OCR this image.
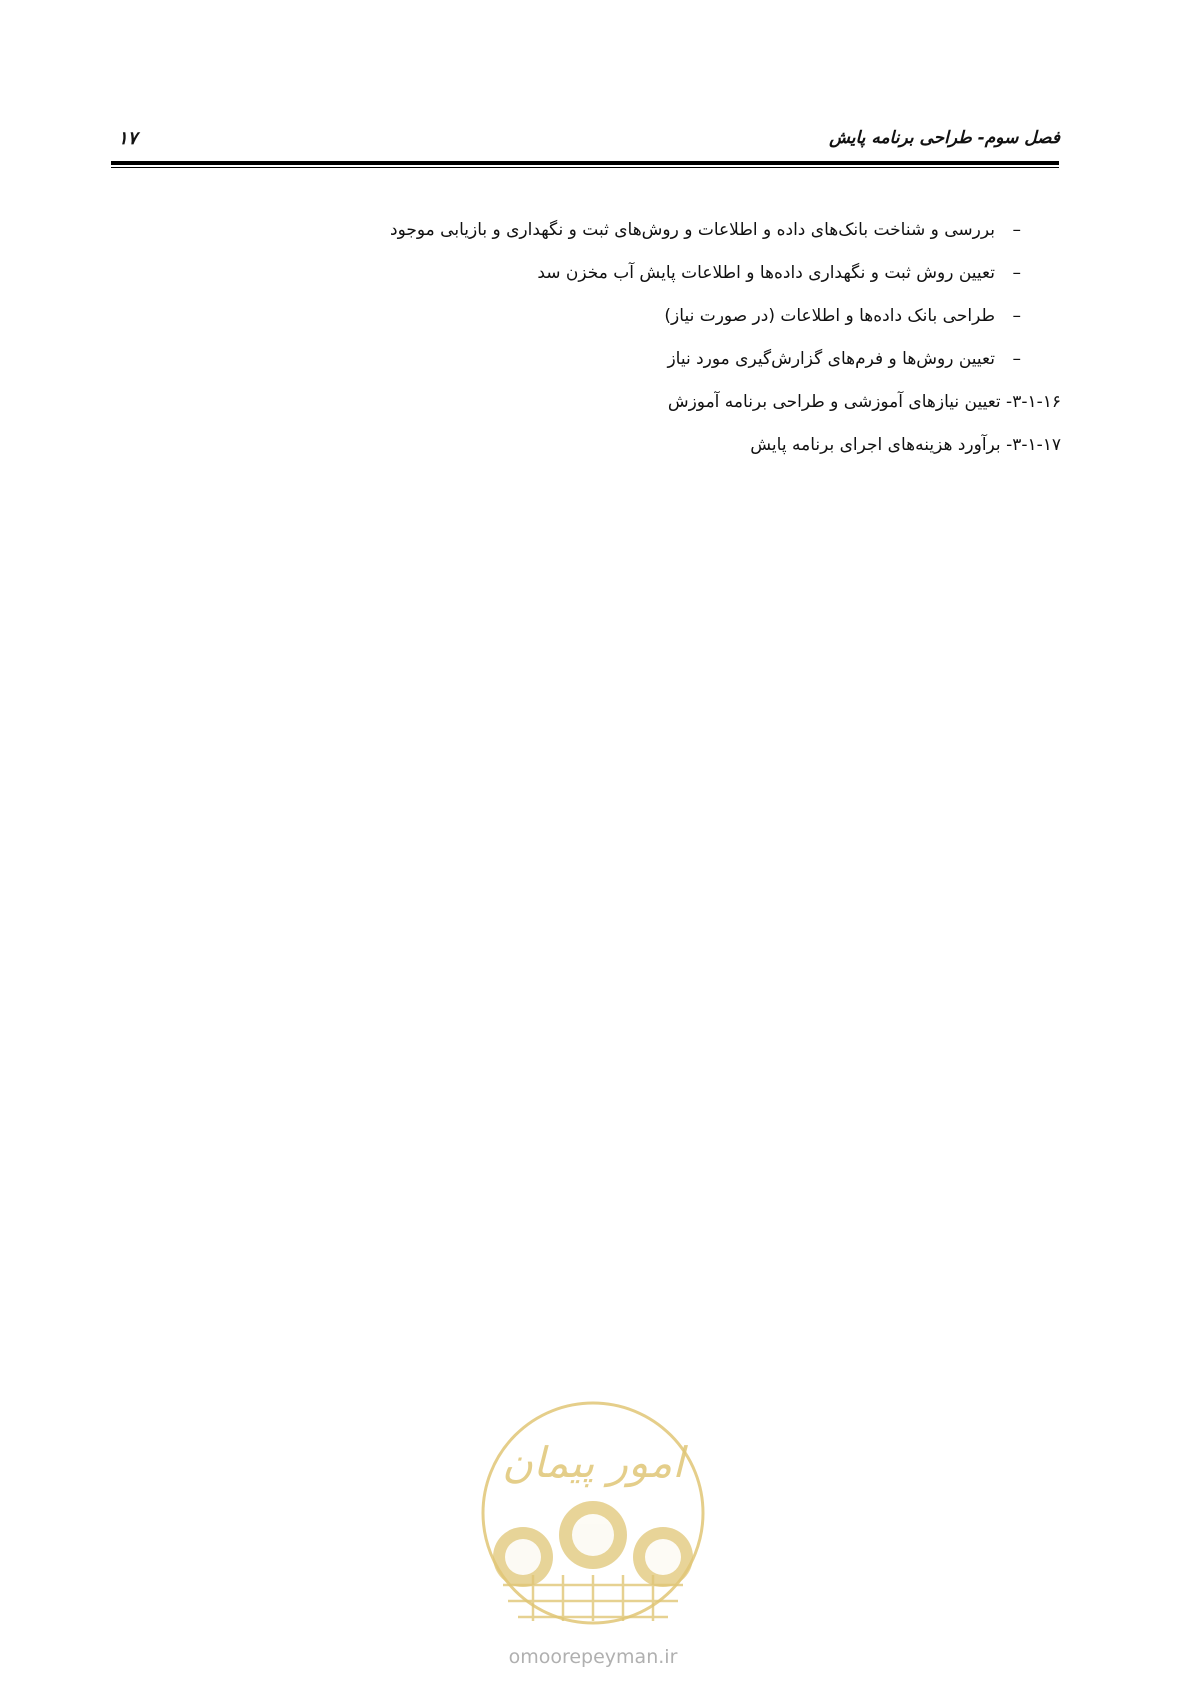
فصل سوم- طراحی برنامه پایش
۱۷
–بررسی و شناخت بانک‌های داده و اطلاعات و روش‌های ثبت و نگهداری و بازیابی موجود
–تعیین روش ثبت و نگهداری داده‌ها و اطلاعات پایش آب مخزن سد
–طراحی بانک داده‌ها و اطلاعات (در صورت نیاز)
–تعیین روش‌ها و فرم‌های گزارش‌گیری مورد نیاز
۳-۱-۱۶- تعیین نیازهای آموزشی و طراحی برنامه آموزش
۳-۱-۱۷- برآورد هزینه‌های اجرای برنامه پایش
امور پیمان
omoorepeyman.ir
